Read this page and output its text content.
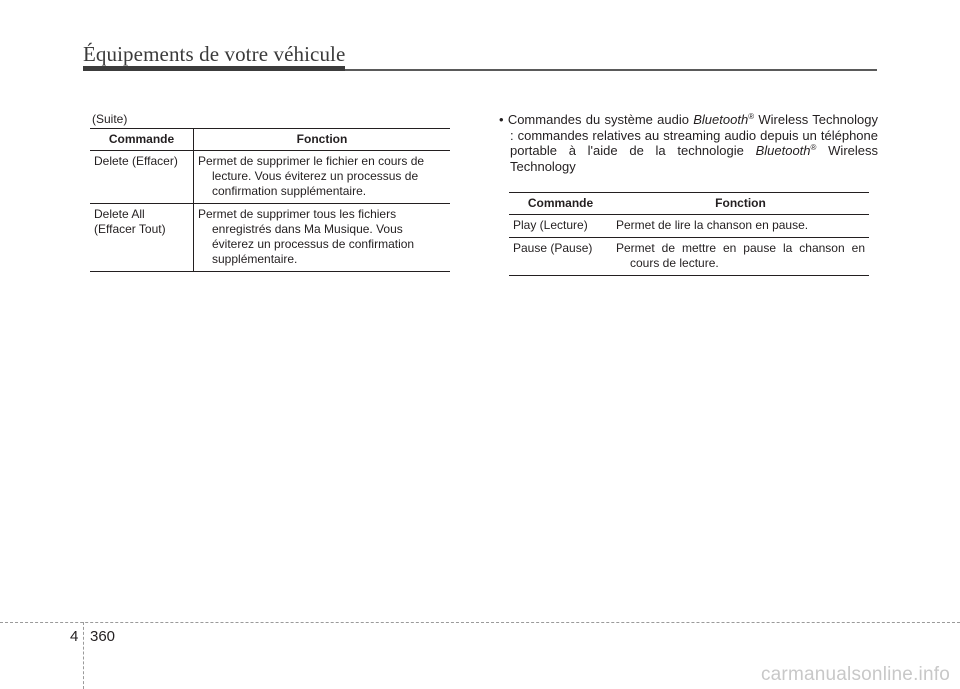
Équipements de votre véhicule
(Suite)
Commande	Fonction
Delete (Effacer)	Permet de supprimer le fichier en cours de lecture. Vous éviterez un processus de confirmation supplémentaire.

Delete All
(Effacer Tout)	Permet de supprimer tous les fichiers enregistrés dans Ma Musique. Vous éviterez un processus de confirmation supplémentaire.
• Commandes du système audio Bluetooth® Wireless Technology : commandes relatives au streaming audio depuis un téléphone portable à l'aide de la technologie Bluetooth® Wireless Technology
Commande	Fonction
Play (Lecture)	Permet de lire la chanson en pause.

Pause (Pause)	Permet de mettre en pause la chanson en cours de lecture.
4 360
carmanualsonline.info
